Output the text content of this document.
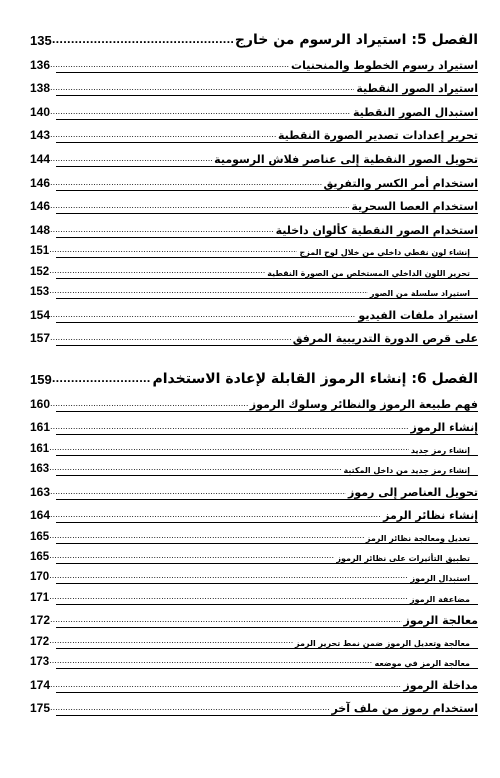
الفصل 5: استيراد الرسوم من خارج
.....
135
استيراد رسوم الخطوط والمنحنيات
.....
136
استيراد الصور النقطية
.....
138
استبدال الصور النقطية
.....
140
تحرير إعدادات تصدير الصورة النقطية
.....
143
تحويل الصور النقطية إلى عناصر فلاش الرسومية
.....
144
استخدام أمر الكسر والتفريق
.....
146
استخدام العصا السحرية
.....
146
استخدام الصور النقطية كألوان داخلية
.....
148
إنشاء لون نقطي داخلي من خلال لوح المزج
.....
151
تحرير اللون الداخلي المستخلص من الصورة النقطية
.....
152
استيراد سلسلة من الصور
.....
153
استيراد ملفات الفيديو
.....
154
على قرص الدورة التدريبية المرفق
.....
157
الفصل 6: إنشاء الرموز القابلة لإعادة الاستخدام
.....
159
فهم طبيعة الرموز والنظائر وسلوك الرموز
.....
160
إنشاء الرموز
.....
161
إنشاء رمز جديد
.....
161
إنشاء رمز جديد من داخل المكتبة
.....
163
تحويل العناصر إلى رموز
.....
163
إنشاء نظائر الرمز
.....
164
تعديل ومعالجة نظائر الرمز
.....
165
تطبيق التأثيرات على نظائر الرموز
.....
165
استبدال الرموز
.....
170
مضاعفة الرموز
.....
171
معالجة الرموز
.....
172
معالجة وتعديل الرموز ضمن نمط تحرير الرمز
.....
172
معالجة الرمز في موضعه
.....
173
مداخلة الرموز
.....
174
استخدام رموز من ملف آخر
.....
175
